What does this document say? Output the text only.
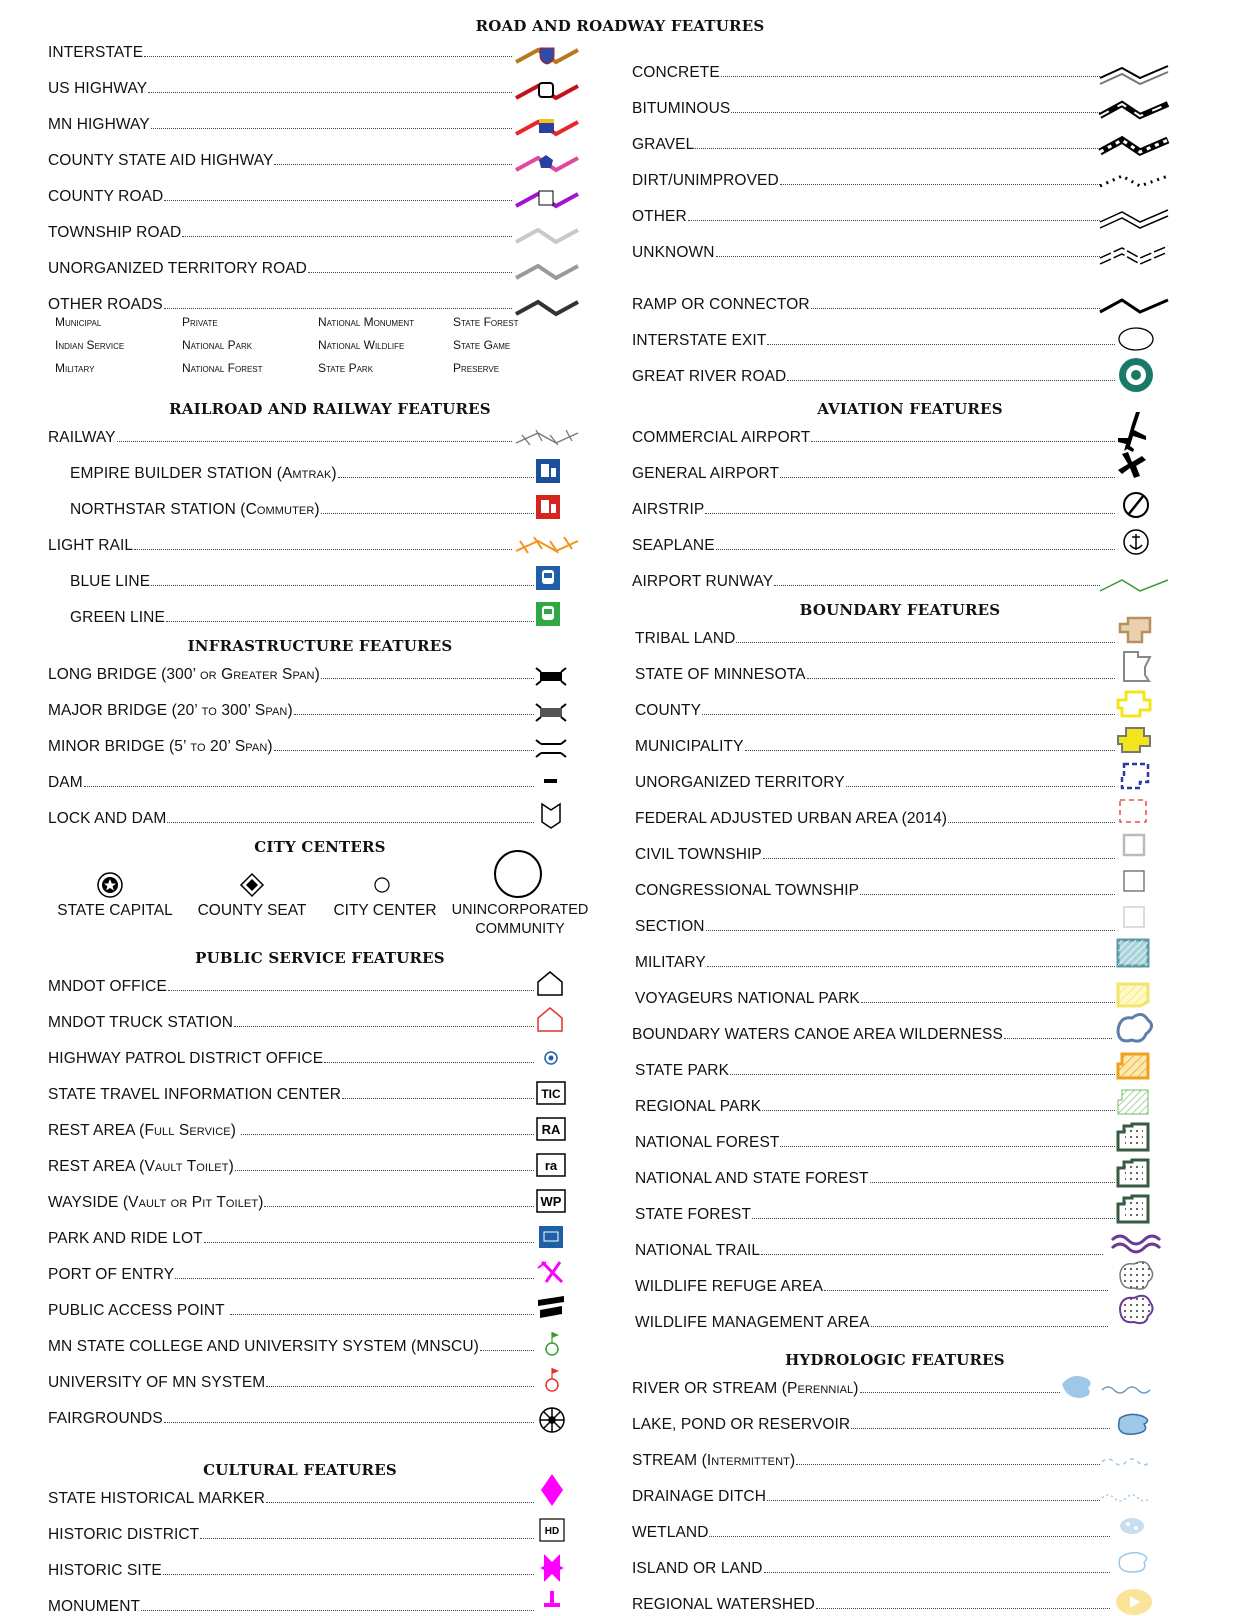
ROAD AND ROADWAY FEATURES
INTERSTATE
US HIGHWAY
MN HIGHWAY
COUNTY STATE AID HIGHWAY
COUNTY ROAD
TOWNSHIP ROAD
UNORGANIZED TERRITORY ROAD
OTHER ROADS
Municipal	Private	National Monument	State Forest
Indian Service	National Park	National Wildlife	State Game
Military	National Forest	State Park	Preserve
RAILROAD AND RAILWAY FEATURES
RAILWAY
EMPIRE BUILDER STATION (Amtrak)
NORTHSTAR STATION (Commuter)
LIGHT RAIL
BLUE LINE
GREEN LINE
INFRASTRUCTURE FEATURES
LONG BRIDGE (300’ or Greater Span)
MAJOR BRIDGE (20’ to 300’ Span)
MINOR BRIDGE (5’ to 20’ Span)
DAM
LOCK AND DAM
CITY CENTERS
STATE CAPITAL	COUNTY SEAT	CITY CENTER	UNINCORPORATED
COMMUNITY
PUBLIC SERVICE FEATURES
MNDOT OFFICE
MNDOT TRUCK STATION
HIGHWAY PATROL DISTRICT OFFICE
STATE TRAVEL INFORMATION CENTER
REST AREA (Full Service)
REST AREA (Vault Toilet)
WAYSIDE (Vault or Pit Toilet)
PARK AND RIDE LOT
PORT OF ENTRY
PUBLIC ACCESS POINT
MN STATE COLLEGE AND UNIVERSITY SYSTEM (MNSCU)
UNIVERSITY OF MN SYSTEM
FAIRGROUNDS
TIC
RA
ra
WP
CULTURAL FEATURES
STATE HISTORICAL MARKER
HISTORIC DISTRICT
HISTORIC SITE
MONUMENT
HD
CONCRETE
BITUMINOUS
GRAVEL
DIRT/UNIMPROVED
OTHER
UNKNOWN
RAMP OR CONNECTOR
INTERSTATE EXIT
GREAT RIVER ROAD
AVIATION FEATURES
COMMERCIAL AIRPORT
GENERAL AIRPORT
AIRSTRIP
SEAPLANE
AIRPORT RUNWAY
BOUNDARY FEATURES
TRIBAL LAND
STATE OF MINNESOTA
COUNTY
MUNICIPALITY
UNORGANIZED TERRITORY
FEDERAL ADJUSTED URBAN AREA (2014)
CIVIL TOWNSHIP
CONGRESSIONAL TOWNSHIP
SECTION
MILITARY
VOYAGEURS NATIONAL PARK
BOUNDARY WATERS CANOE AREA WILDERNESS
STATE PARK
REGIONAL PARK
NATIONAL FOREST
NATIONAL AND STATE FOREST
STATE FOREST
NATIONAL TRAIL
WILDLIFE REFUGE AREA
WILDLIFE MANAGEMENT AREA
HYDROLOGIC FEATURES
RIVER OR STREAM (Perennial)
LAKE, POND OR RESERVOIR
STREAM (Intermittent)
DRAINAGE DITCH
WETLAND
ISLAND OR LAND
REGIONAL WATERSHED
